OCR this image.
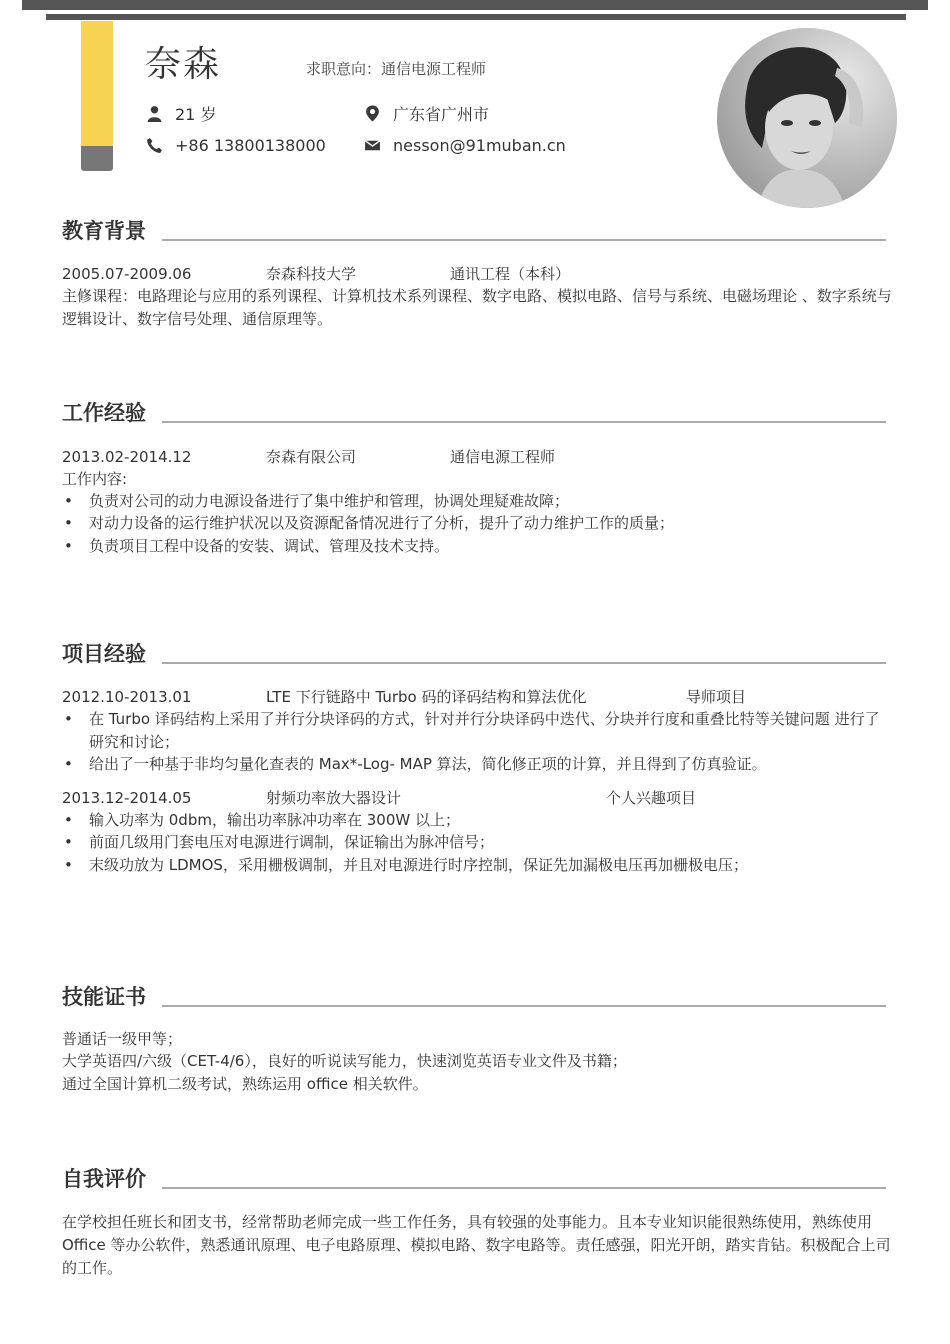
奈森	求职意向：通信电源工程师
21 岁
+86 13800138000
广东省广州市
nesson@91muban.cn
教育背景
2005.07-2009.06	奈森科技大学	通讯工程（本科）
主修课程：电路理论与应用的系列课程、计算机技术系列课程、数字电路、模拟电路、信号与系统、电磁场理论 、数字系统与逻辑设计、数字信号处理、通信原理等。
工作经验
2013.02-2014.12	奈森有限公司	通信电源工程师
工作内容:
• 负责对公司的动力电源设备进行了集中维护和管理，协调处理疑难故障；
• 对动力设备的运行维护状况以及资源配备情况进行了分析，提升了动力维护工作的质量；
• 负责项目工程中设备的安装、调试、管理及技术支持。
项目经验
2012.10-2013.01	LTE 下行链路中 Turbo 码的译码结构和算法优化	导师项目
• 在 Turbo 译码结构上采用了并行分块译码的方式，针对并行分块译码中迭代、分块并行度和重叠比特等关键问题 进行了研究和讨论；
• 给出了一种基于非均匀量化查表的 Max*-Log- MAP 算法，简化修正项的计算，并且得到了仿真验证。
2013.12-2014.05	射频功率放大器设计	个人兴趣项目
• 输入功率为 0dbm，输出功率脉冲功率在 300W 以上；
• 前面几级用门套电压对电源进行调制，保证输出为脉冲信号；
• 末级功放为 LDMOS，采用栅极调制，并且对电源进行时序控制，保证先加漏极电压再加栅极电压；
技能证书
普通话一级甲等；
大学英语四/六级（CET-4/6），良好的听说读写能力，快速浏览英语专业文件及书籍；
通过全国计算机二级考试，熟练运用 office 相关软件。
自我评价
在学校担任班长和团支书，经常帮助老师完成一些工作任务，具有较强的处事能力。且本专业知识能很熟练使用，熟练使用 Office 等办公软件，熟悉通讯原理、电子电路原理、模拟电路、数字电路等。责任感强，阳光开朗，踏实肯钻。积极配合上司的工作。
